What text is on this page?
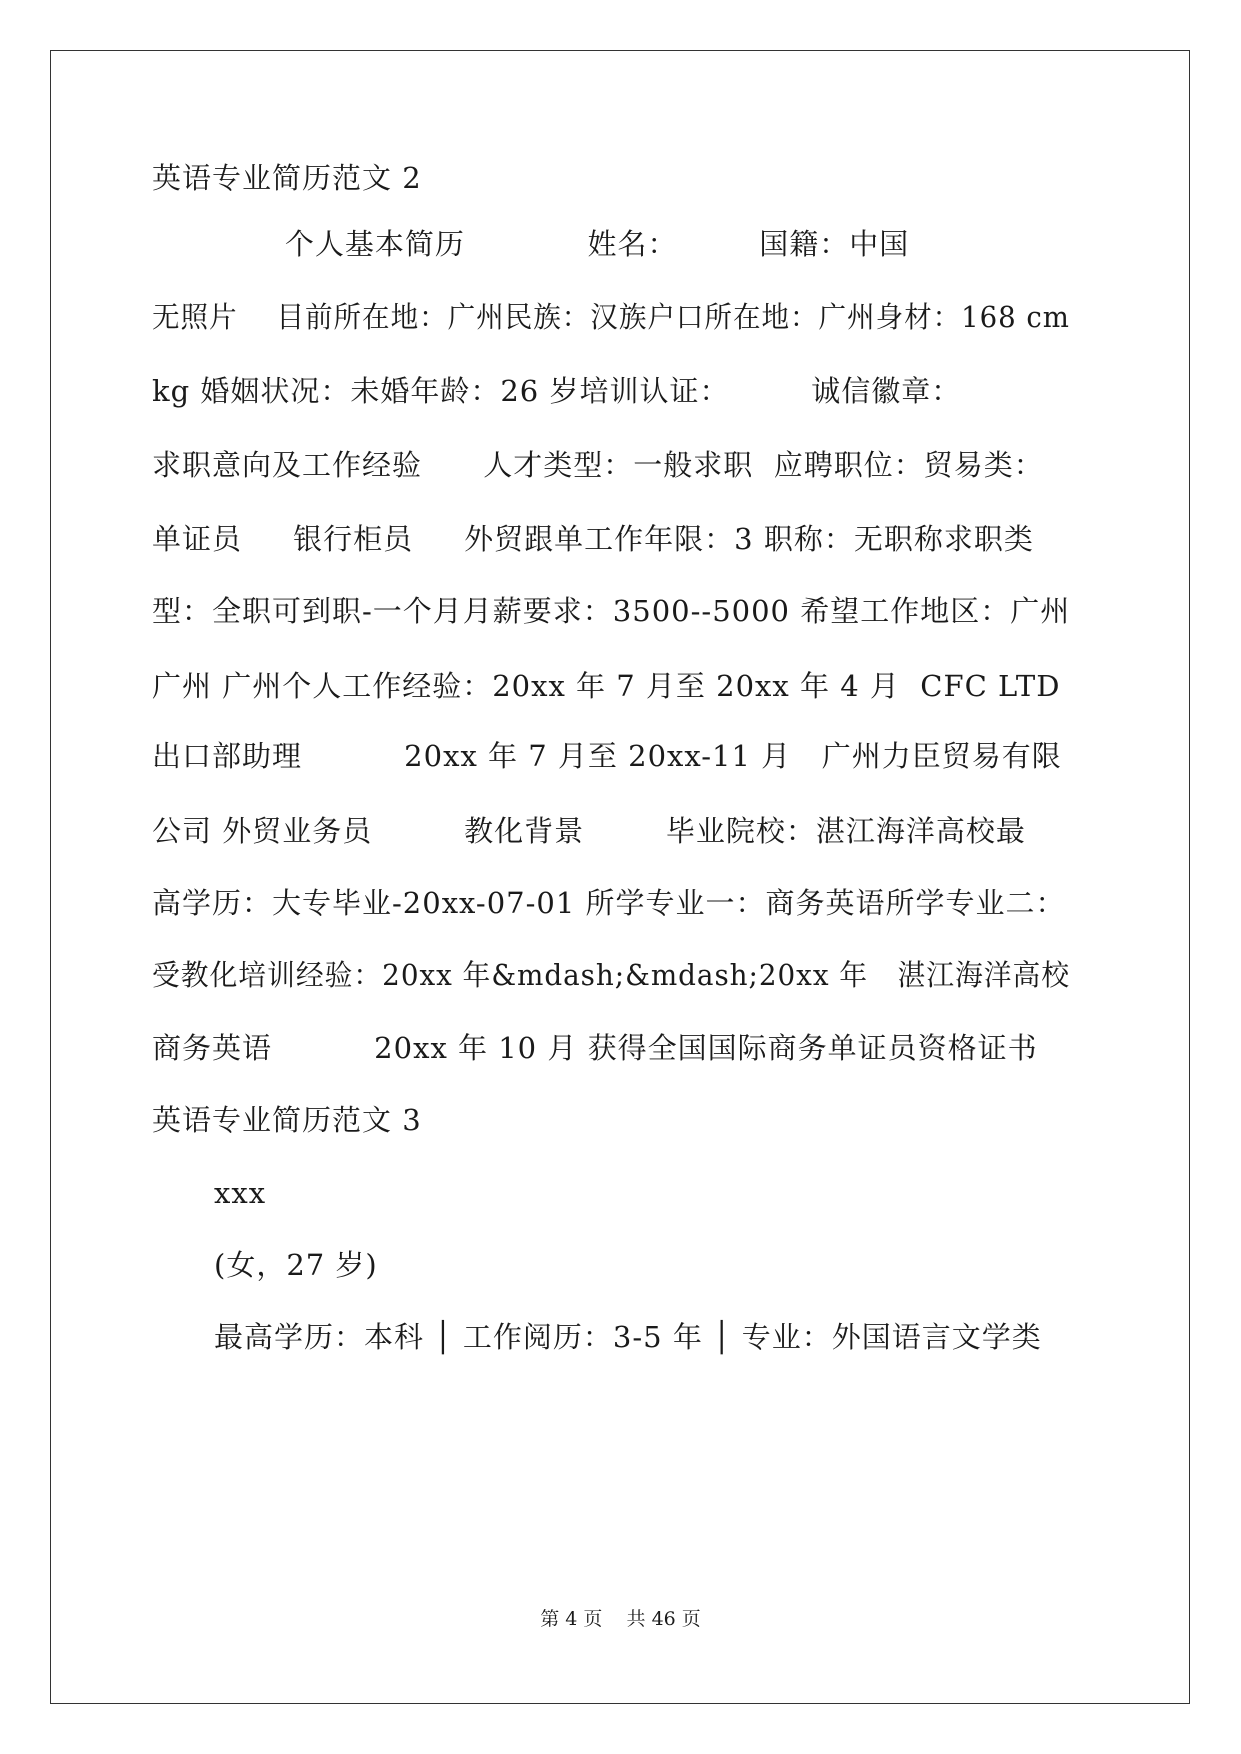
英语专业简历范文 2
个人基本简历            姓名：        国籍：中国
无照片    目前所在地：广州民族：汉族户口所在地：广州身材：168 cm
kg 婚姻状况：未婚年龄：26 岁培训认证：        诚信徽章：
求职意向及工作经验      人才类型：一般求职  应聘职位：贸易类：
单证员     银行柜员     外贸跟单工作年限：3 职称：无职称求职类
型：全职可到职-一个月月薪要求：3500--5000 希望工作地区：广州
广州 广州个人工作经验：20xx 年 7 月至 20xx 年 4 月  CFC LTD
出口部助理          20xx 年 7 月至 20xx-11 月   广州力臣贸易有限
公司 外贸业务员         教化背景        毕业院校：湛江海洋高校最
高学历：大专毕业-20xx-07-01 所学专业一：商务英语所学专业二：
受教化培训经验：20xx 年&mdash;&mdash;20xx 年   湛江海洋高校
商务英语          20xx 年 10 月 获得全国国际商务单证员资格证书
英语专业简历范文 3
xxx
(女，27 岁)
最高学历：本科 │ 工作阅历：3-5 年 │ 专业：外国语言文学类
第 4 页    共 46 页
